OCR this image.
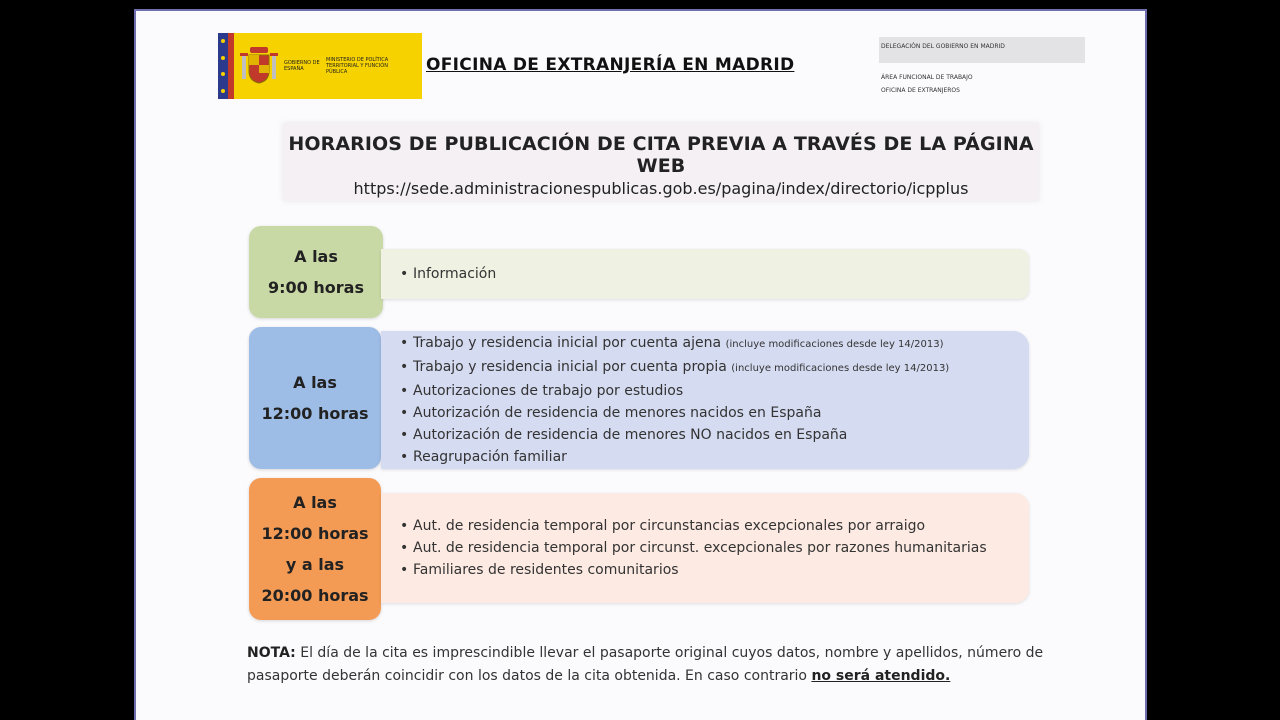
GOBIERNO DE ESPAÑA
MINISTERIO DE POLÍTICA TERRITORIAL Y FUNCIÓN PÚBLICA	OFICINA DE EXTRANJERÍA EN MADRID
DELEGACIÓN DEL GOBIERNO EN MADRID
ÁREA FUNCIONAL DE TRABAJO
OFICINA DE EXTRANJEROS
HORARIOS DE PUBLICACIÓN DE CITA PREVIA A TRAVÉS DE LA PÁGINA WEB
https://sede.administracionespublicas.gob.es/pagina/index/directorio/icpplus
A las
9:00 horas
• Información
A las
12:00 horas
• Trabajo y residencia inicial por cuenta ajena (incluye modificaciones desde ley 14/2013)
• Trabajo y residencia inicial por cuenta propia (incluye modificaciones desde ley 14/2013)
• Autorizaciones de trabajo por estudios
• Autorización de residencia de menores nacidos en España
• Autorización de residencia de menores NO nacidos en España
• Reagrupación familiar
A las
12:00 horas
y a las
20:00 horas
• Aut. de residencia temporal por circunstancias excepcionales por arraigo
• Aut. de residencia temporal por circunst. excepcionales por razones humanitarias
• Familiares de residentes comunitarios
NOTA: El día de la cita es imprescindible llevar el pasaporte original cuyos datos, nombre y apellidos, número de pasaporte deberán coincidir con los datos de la cita obtenida. En caso contrario no será atendido.
